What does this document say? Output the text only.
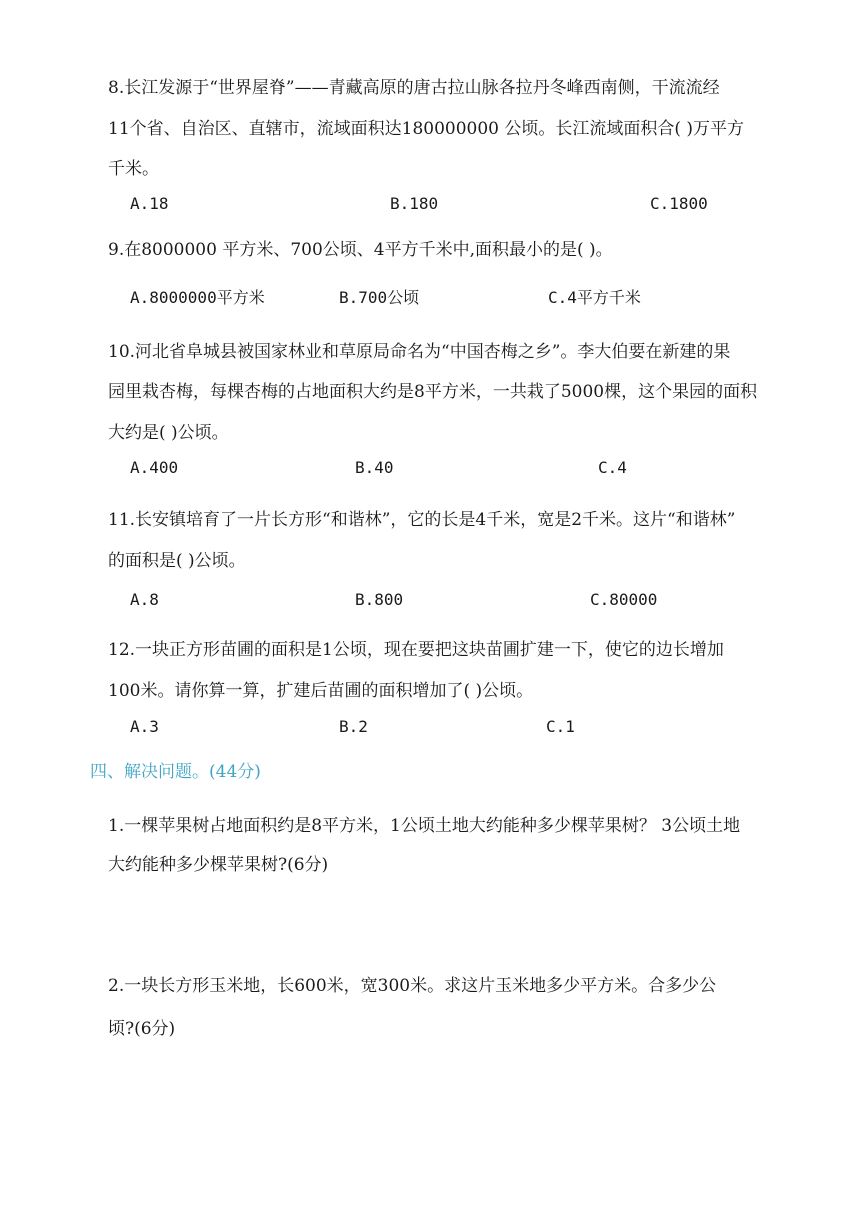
8.长江发源于“世界屋脊”——青藏高原的唐古拉山脉各拉丹冬峰西南侧，干流流经
11个省、自治区、直辖市，流域面积达180000000 公顷。长江流域面积合( )万平方
千米。
A.18	B.180	C.1800
9.在8000000 平方米、700公顷、4平方千米中,面积最小的是( )。
A.8000000平方米	B.700公顷	C.4平方千米
10.河北省阜城县被国家林业和草原局命名为“中国杏梅之乡”。李大伯要在新建的果
园里栽杏梅，每棵杏梅的占地面积大约是8平方米，一共栽了5000棵，这个果园的面积
大约是( )公顷。
A.400	B.40	C.4
11.长安镇培育了一片长方形“和谐林”，它的长是4千米，宽是2千米。这片“和谐林”
的面积是( )公顷。
A.8	B.800	C.80000
12.一块正方形苗圃的面积是1公顷，现在要把这块苗圃扩建一下，使它的边长增加
100米。请你算一算，扩建后苗圃的面积增加了( )公顷。
A.3	B.2	C.1
四、解决问题。(44分)
1.一棵苹果树占地面积约是8平方米，1公顷土地大约能种多少棵苹果树？ 3公顷土地
大约能种多少棵苹果树?(6分)
2.一块长方形玉米地，长600米，宽300米。求这片玉米地多少平方米。合多少公
顷?(6分)
